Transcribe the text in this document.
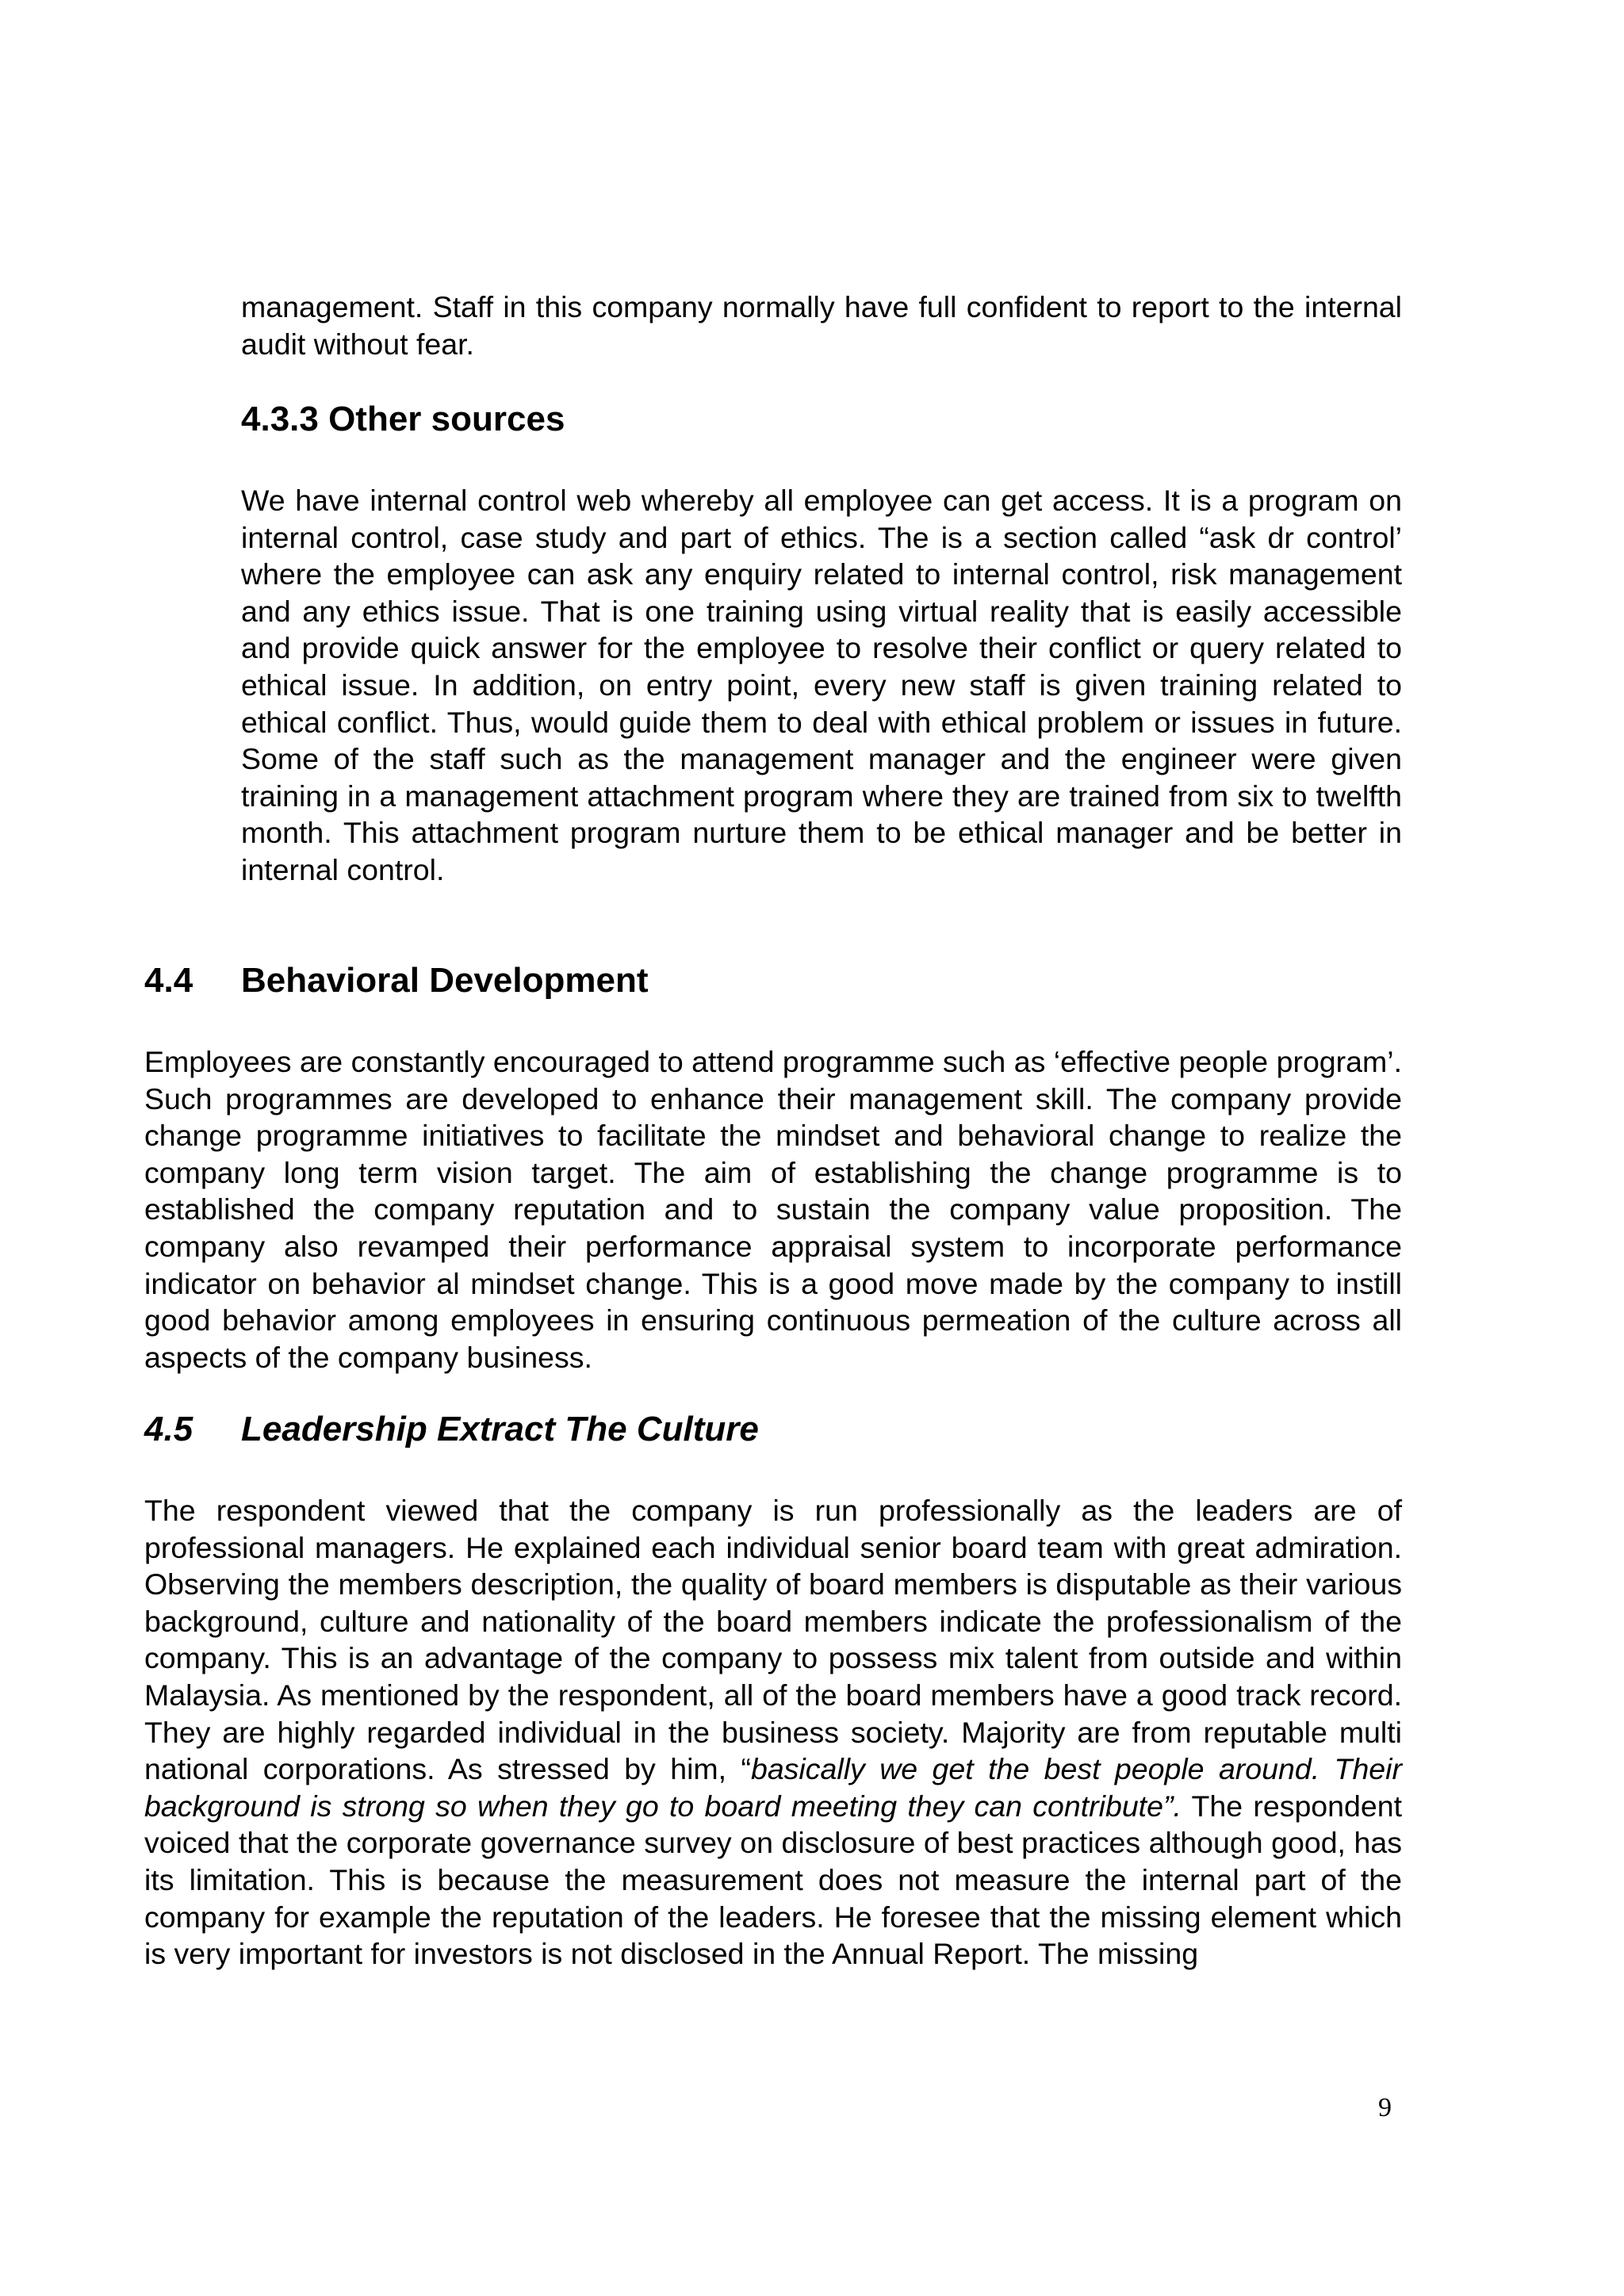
management. Staff in this company normally have full confident to report to the internal audit without fear.

4.3.3 Other sources

We have internal control web whereby all employee can get access. It is a program on internal control, case study and part of ethics. The is a section called “ask dr control’ where the employee can ask any enquiry related to internal control, risk management and any ethics issue. That is one training using virtual reality that is easily accessible and provide quick answer for the employee to resolve their conflict or query related to ethical issue. In addition, on entry point, every new staff is given training related to ethical conflict. Thus, would guide them to deal with ethical problem or issues in future. Some of the staff such as the management manager and the engineer were given training in a management attachment program where they are trained from six to twelfth month. This attachment program nurture them to be ethical manager and be better in internal control.

4.4 Behavioral Development

Employees are constantly encouraged to attend programme such as ‘effective people program’. Such programmes are developed to enhance their management skill. The company provide change programme initiatives to facilitate the mindset and behavioral change to realize the company long term vision target. The aim of establishing the change programme is to established the company reputation and to sustain the company value proposition. The company also revamped their performance appraisal system to incorporate performance indicator on behavior al mindset change. This is a good move made by the company to instill good behavior among employees in ensuring continuous permeation of the culture across all aspects of the company business.

4.5 Leadership Extract The Culture

The respondent viewed that the company is run professionally as the leaders are of professional managers. He explained each individual senior board team with great admiration. Observing the members description, the quality of board members is disputable as their various background, culture and nationality of the board members indicate the professionalism of the company. This is an advantage of the company to possess mix talent from outside and within Malaysia. As mentioned by the respondent, all of the board members have a good track record. They are highly regarded individual in the business society. Majority are from reputable multi national corporations. As stressed by him, “basically we get the best people around. Their background is strong so when they go to board meeting they can contribute”. The respondent voiced that the corporate governance survey on disclosure of best practices although good, has its limitation. This is because the measurement does not measure the internal part of the company for example the reputation of the leaders. He foresee that the missing element which is very important for investors is not disclosed in the Annual Report. The missing

9
